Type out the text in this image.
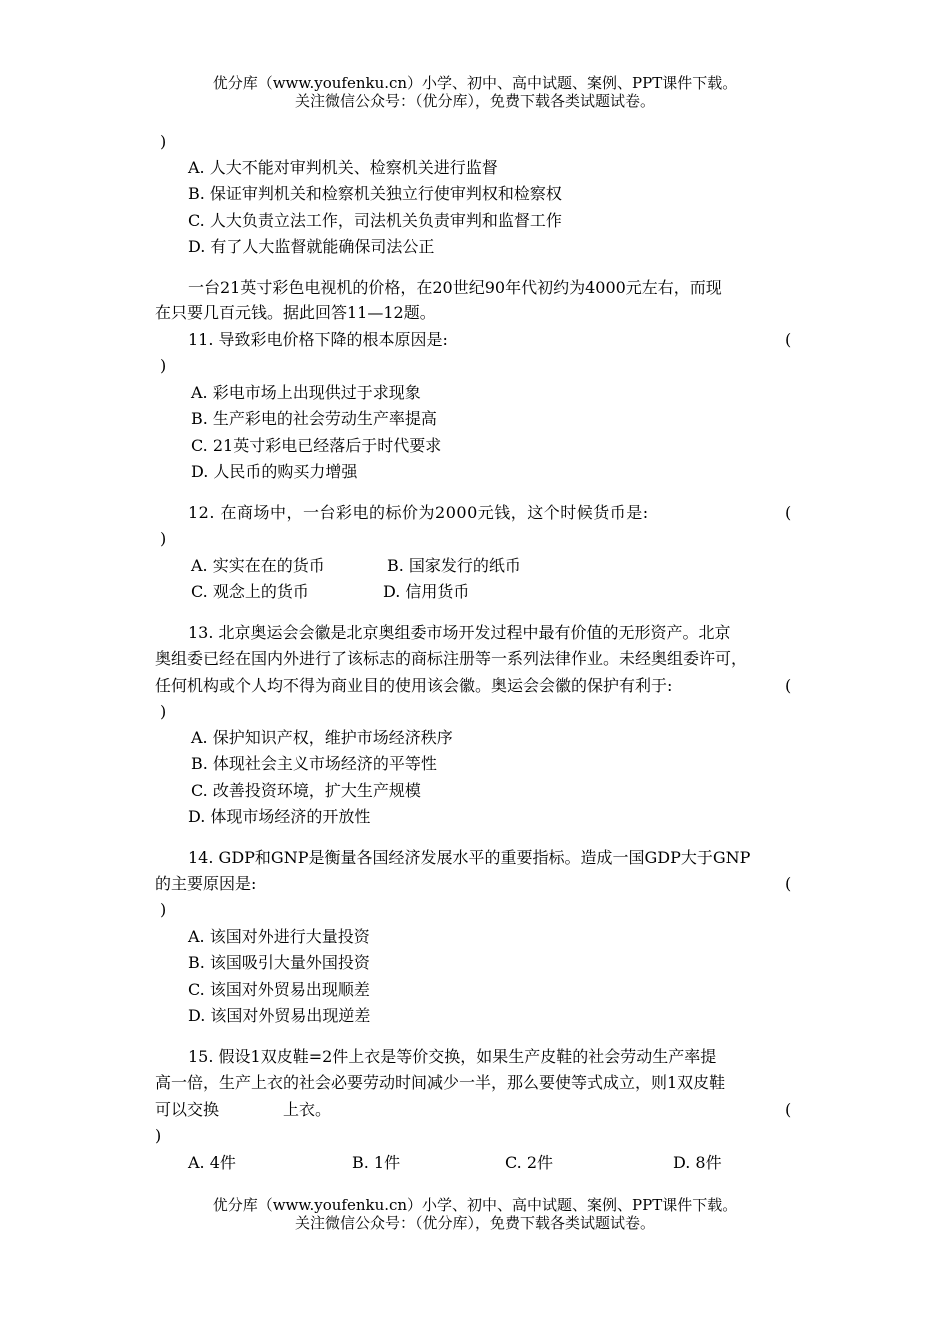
优分库（www.youfenku.cn）小学、初中、高中试题、案例、PPT课件下载。
关注微信公众号：（优分库），免费下载各类试题试卷。
)
A. 人大不能对审判机关、检察机关进行监督
B. 保证审判机关和检察机关独立行使审判权和检察权
C. 人大负责立法工作，司法机关负责审判和监督工作
D. 有了人大监督就能确保司法公正
一台21英寸彩色电视机的价格，在20世纪90年代初约为4000元左右，而现
在只要几百元钱。据此回答11—12题。
11. 导致彩电价格下降的根本原因是:	(
)
A. 彩电市场上出现供过于求现象
B. 生产彩电的社会劳动生产率提高
C. 21英寸彩电已经落后于时代要求
D. 人民币的购买力增强
12. 在商场中，一台彩电的标价为2000元钱，这个时候货币是:	(
)
A. 实实在在的货币	B. 国家发行的纸币
C. 观念上的货币	D. 信用货币
13. 北京奥运会会徽是北京奥组委市场开发过程中最有价值的无形资产。北京
奥组委已经在国内外进行了该标志的商标注册等一系列法律作业。未经奥组委许可，
任何机构或个人均不得为商业目的使用该会徽。奥运会会徽的保护有利于:	(
)
A. 保护知识产权，维护市场经济秩序
B. 体现社会主义市场经济的平等性
C. 改善投资环境，扩大生产规模
D. 体现市场经济的开放性
14. GDP和GNP是衡量各国经济发展水平的重要指标。造成一国GDP大于GNP
的主要原因是:	(
)
A. 该国对外进行大量投资
B. 该国吸引大量外国投资
C. 该国对外贸易出现顺差
D. 该国对外贸易出现逆差
15. 假设1双皮鞋=2件上衣是等价交换，如果生产皮鞋的社会劳动生产率提
高一倍，生产上衣的社会必要劳动时间减少一半，那么要使等式成立，则1双皮鞋
可以交换	上衣。	(
)
A. 4件	B. 1件	C. 2件	D. 8件
优分库（www.youfenku.cn）小学、初中、高中试题、案例、PPT课件下载。
关注微信公众号：（优分库），免费下载各类试题试卷。
